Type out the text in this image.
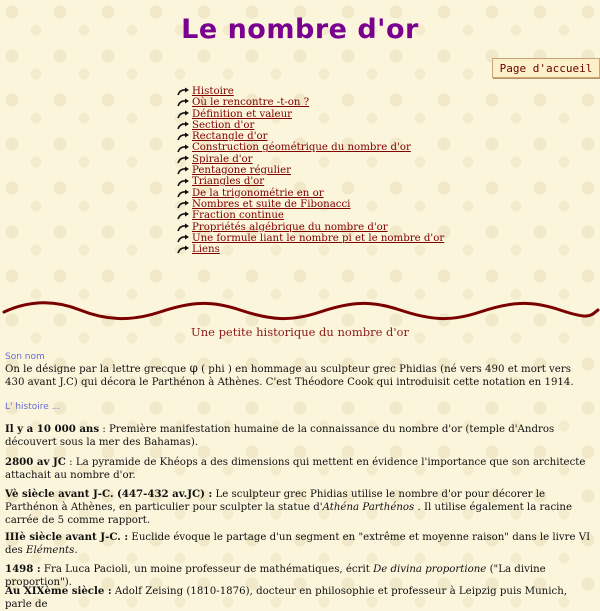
Le nombre d'or
Page d'accueil
Histoire
Où le rencontre -t-on ?
Définition et valeur
Section d'or
Rectangle d'or
Construction géométrique du nombre d'or
Spirale d'or
Pentagone régulier
Triangles d'or
De la trigonométrie en or
Nombres et suite de Fibonacci
Fraction continue
Propriétés algébrique du nombre d'or
Une formule liant le nombre pi et le nombre d'or
Liens
Une petite historique du nombre d'or
Son nom

On le désigne par la lettre grecque φ ( phi ) en hommage au sculpteur grec Phidias (né vers 490 et mort vers 430 avant J.C) qui décora le Parthénon à Athènes. C'est Théodore Cook qui introduisit cette notation en 1914.

L' histoire ...

Il y a 10 000 ans : Première manifestation humaine de la connaissance du nombre d'or (temple d'Andros découvert sous la mer des Bahamas).

2800 av JC : La pyramide de Khéops a des dimensions qui mettent en évidence l'importance que son architecte attachait au nombre d'or.

Vè siècle avant J-C. (447-432 av.JC) : Le sculpteur grec Phidias utilise le nombre d'or pour décorer le Parthénon à Athènes, en particulier pour sculpter la statue d'Athéna Parthénos . Il utilise également la racine carrée de 5 comme rapport.

IIIè siècle avant J-C. : Euclide évoque le partage d'un segment en "extrême et moyenne raison" dans le livre VI des Eléments.

1498 : Fra Luca Pacioli, un moine professeur de mathématiques, écrit De divina proportione ("La divine proportion").

Au XIXème siècle : Adolf Zeising (1810-1876), docteur en philosophie et professeur à Leipzig puis Munich, parle de
